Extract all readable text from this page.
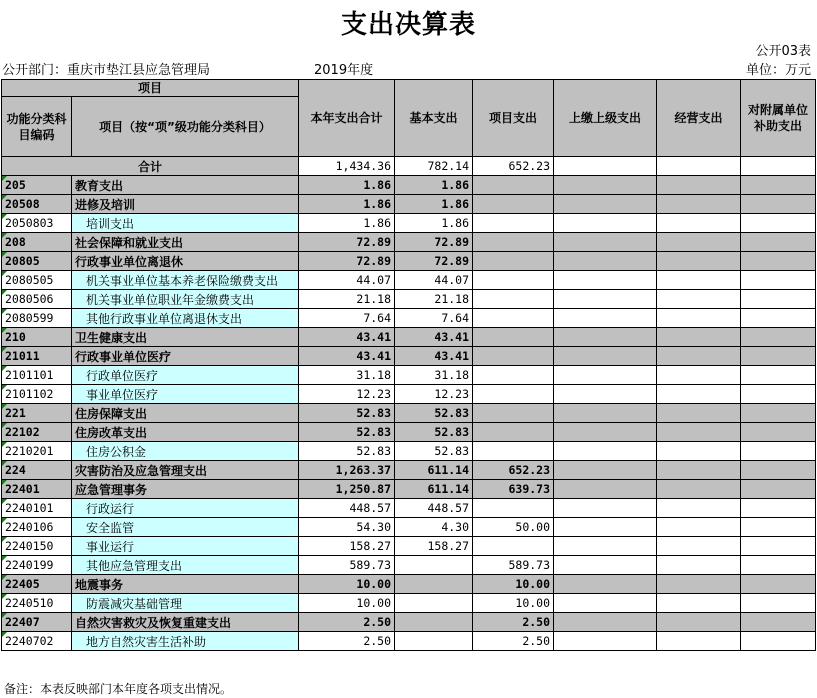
支出决算表
公开03表
公开部门：重庆市垫江县应急管理局	2019年度	单位：万元
项目		本年支出合计	基本支出	项目支出	上缴上级支出	经营支出	对附属单位补助支出
功能分类科目编码	项目（按“项”级功能分类科目）						
合计		1,434.36	782.14	652.23			
205	教育支出	1.86	1.86				
20508	进修及培训	1.86	1.86				
2050803	培训支出	1.86	1.86				
208	社会保障和就业支出	72.89	72.89				
20805	行政事业单位离退休	72.89	72.89				
2080505	机关事业单位基本养老保险缴费支出	44.07	44.07				
2080506	机关事业单位职业年金缴费支出	21.18	21.18				
2080599	其他行政事业单位离退休支出	7.64	7.64				
210	卫生健康支出	43.41	43.41				
21011	行政事业单位医疗	43.41	43.41				
2101101	行政单位医疗	31.18	31.18				
2101102	事业单位医疗	12.23	12.23				
221	住房保障支出	52.83	52.83				
22102	住房改革支出	52.83	52.83				
2210201	住房公积金	52.83	52.83				
224	灾害防治及应急管理支出	1,263.37	611.14	652.23			
22401	应急管理事务	1,250.87	611.14	639.73			
2240101	行政运行	448.57	448.57				
2240106	安全监管	54.30	4.30	50.00			
2240150	事业运行	158.27	158.27				
2240199	其他应急管理支出	589.73		589.73			
22405	地震事务	10.00		10.00			
2240510	防震减灾基础管理	10.00		10.00			
22407	自然灾害救灾及恢复重建支出	2.50		2.50			
2240702	地方自然灾害生活补助	2.50		2.50			
备注：本表反映部门本年度各项支出情况。
